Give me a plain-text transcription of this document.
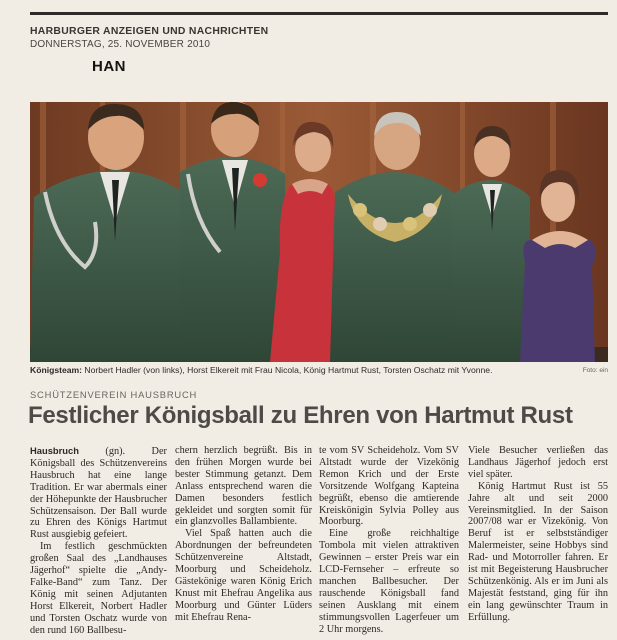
HARBURGER ANZEIGEN UND NACHRICHTEN
DONNERSTAG, 25. NOVEMBER 2010
HAN
Königsteam: Norbert Hadler (von links), Horst Elkereit mit Frau Nicola, König Hartmut Rust, Torsten Oschatz mit Yvonne.	Foto: ein
SCHÜTZENVEREIN HAUSBRUCH
Festlicher Königsball zu Ehren von Hartmut Rust

Hausbruch (gn). Der Königsball des Schützenvereins Hausbruch hat eine lange Tradition. Er war abermals einer der Höhepunkte der Hausbrucher Schützensaison. Der Ball wurde zu Ehren des Königs Hartmut Rust ausgiebig gefeiert.

Im festlich geschmückten großen Saal des „Landhauses Jägerhof“ spielte die „Andy-Falke-Band“ zum Tanz. Der König mit seinen Adjutanten Horst Elkereit, Norbert Hadler und Torsten Oschatz wurde von den rund 160 Ballbesu-

chern herzlich begrüßt. Bis in den frühen Morgen wurde bei bester Stimmung getanzt. Dem Anlass entsprechend waren die Damen besonders festlich gekleidet und sorgten somit für ein glanzvolles Ballambiente.

Viel Spaß hatten auch die Abordnungen der befreundeten Schützenvereine Altstadt, Moorburg und Scheideholz. Gästekönige waren König Erich Knust mit Ehefrau Angelika aus Moorburg und Günter Lüders mit Ehefrau Rena-

te vom SV Scheideholz. Vom SV Altstadt wurde der Vizekönig Remon Krich und der Erste Vorsitzende Wolfgang Kapteina begrüßt, ebenso die amtierende Kreiskönigin Sylvia Polley aus Moorburg.

Eine große reichhaltige Tombola mit vielen attraktiven Gewinnen – erster Preis war ein LCD-Fernseher – erfreute so manchen Ballbesucher. Der rauschende Königsball fand seinen Ausklang mit einem stimmungsvollen Lagerfeuer um 2 Uhr morgens.

Viele Besucher verließen das Landhaus Jägerhof jedoch erst viel später.

König Hartmut Rust ist 55 Jahre alt und seit 2000 Vereinsmitglied. In der Saison 2007/08 war er Vizekönig. Von Beruf ist er selbstständiger Malermeister, seine Hobbys sind Rad- und Motorroller fahren. Er ist mit Begeisterung Hausbrucher Schützenkönig. Als er im Juni als Majestät feststand, ging für ihn ein lang gewünschter Traum in Erfüllung.
